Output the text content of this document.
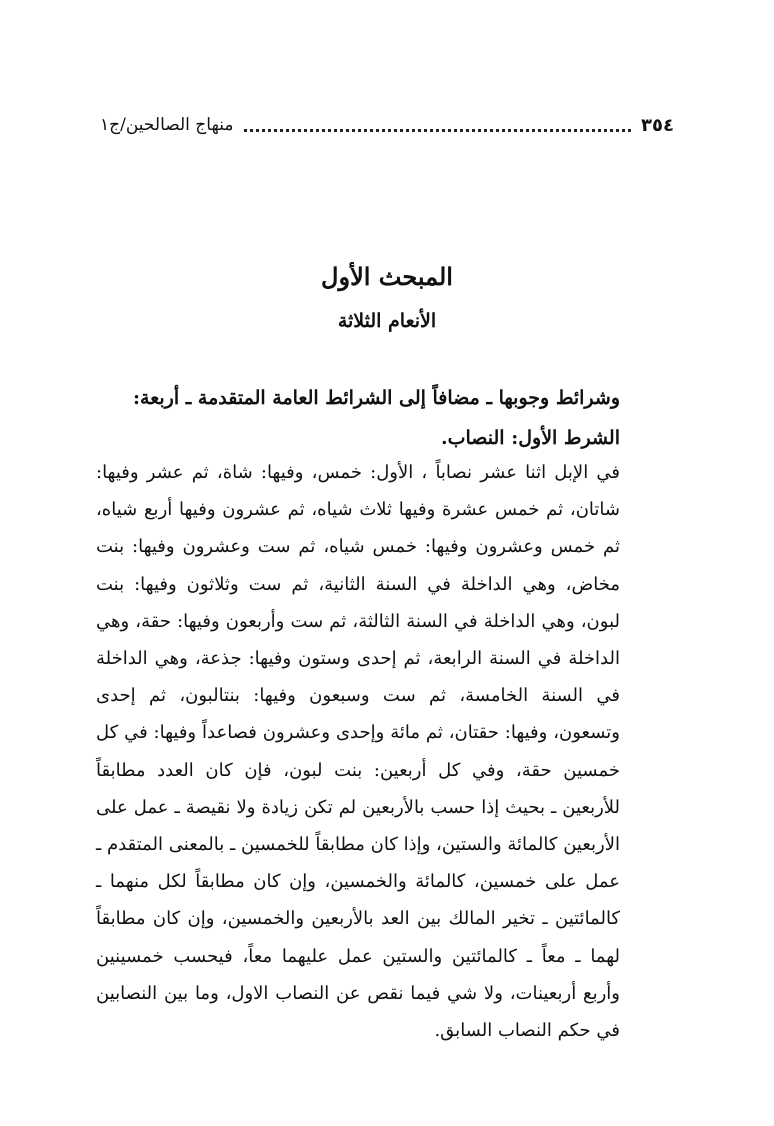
٣٥٤
منهاج الصالحين/ج١
المبحث الأول
الأنعام الثلاثة
وشرائط وجوبها ـ مضافاً إلى الشرائط العامة المتقدمة ـ أربعة:
الشرط الأول: النصاب.
في الإبل اثنا عشر نصاباً ، الأول: خمس، وفيها: شاة، ثم عشر وفيها: شاتان، ثم خمس عشرة وفيها ثلاث شياه، ثم عشرون وفيها أربع شياه، ثم خمس وعشرون وفيها: خمس شياه، ثم ست وعشرون وفيها: بنت مخاض، وهي الداخلة في السنة الثانية، ثم ست وثلاثون وفيها: بنت لبون، وهي الداخلة في السنة الثالثة، ثم ست وأربعون وفيها: حقة، وهي الداخلة في السنة الرابعة، ثم إحدى وستون وفيها: جذعة، وهي الداخلة في السنة الخامسة، ثم ست وسبعون وفيها: بنتالبون، ثم إحدى وتسعون، وفيها: حقتان، ثم مائة وإحدى وعشرون فصاعداً وفيها: في كل خمسين حقة، وفي كل أربعين: بنت لبون، فإن كان العدد مطابقاً للأربعين ـ بحيث إذا حسب بالأربعين لم تكن زيادة ولا نقيصة ـ عمل على الأربعين كالمائة والستين، وإذا كان مطابقاً للخمسين ـ بالمعنى المتقدم ـ عمل على خمسين، كالمائة والخمسين، وإن كان مطابقاً لكل منهما ـ كالمائتين ـ تخير المالك بين العد بالأربعين والخمسين، وإن كان مطابقاً لهما ـ معاً ـ كالمائتين والستين عمل عليهما معاً، فيحسب خمسينين وأربع أربعينات، ولا شي فيما نقص عن النصاب الاول، وما بين النصابين في حكم النصاب السابق.
